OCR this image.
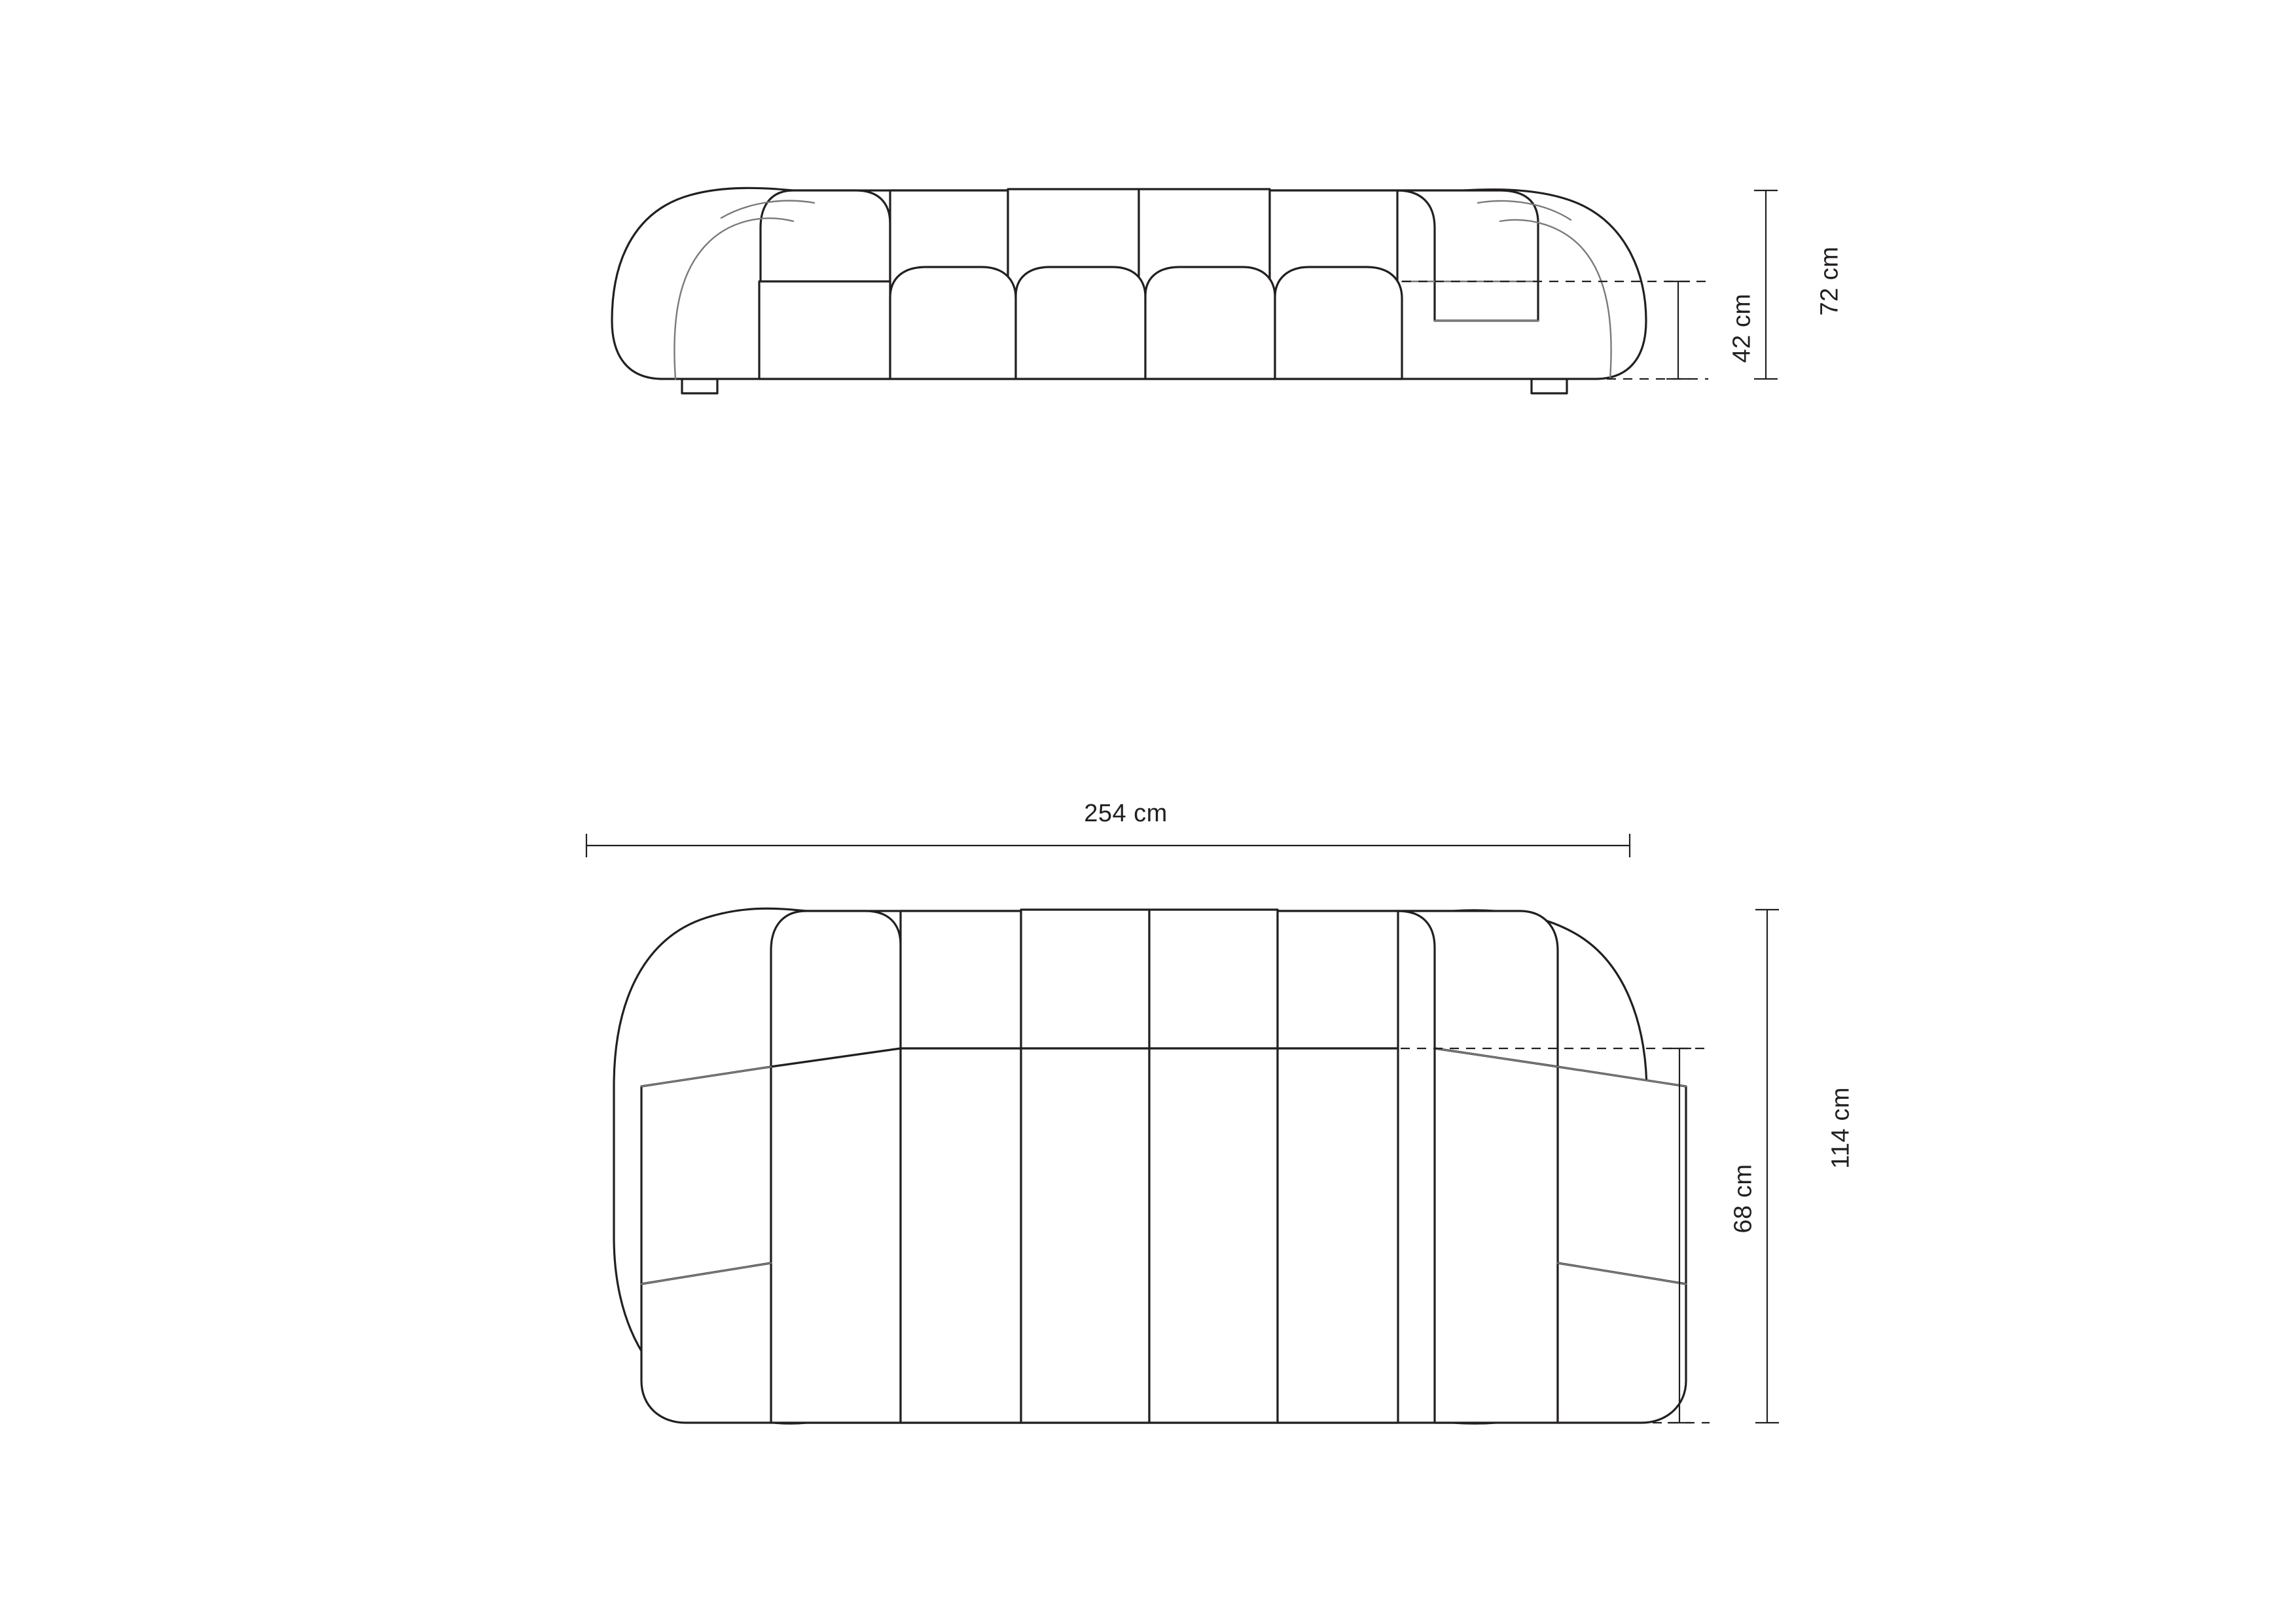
42 cm
72 cm
254 cm
68 cm
114 cm
